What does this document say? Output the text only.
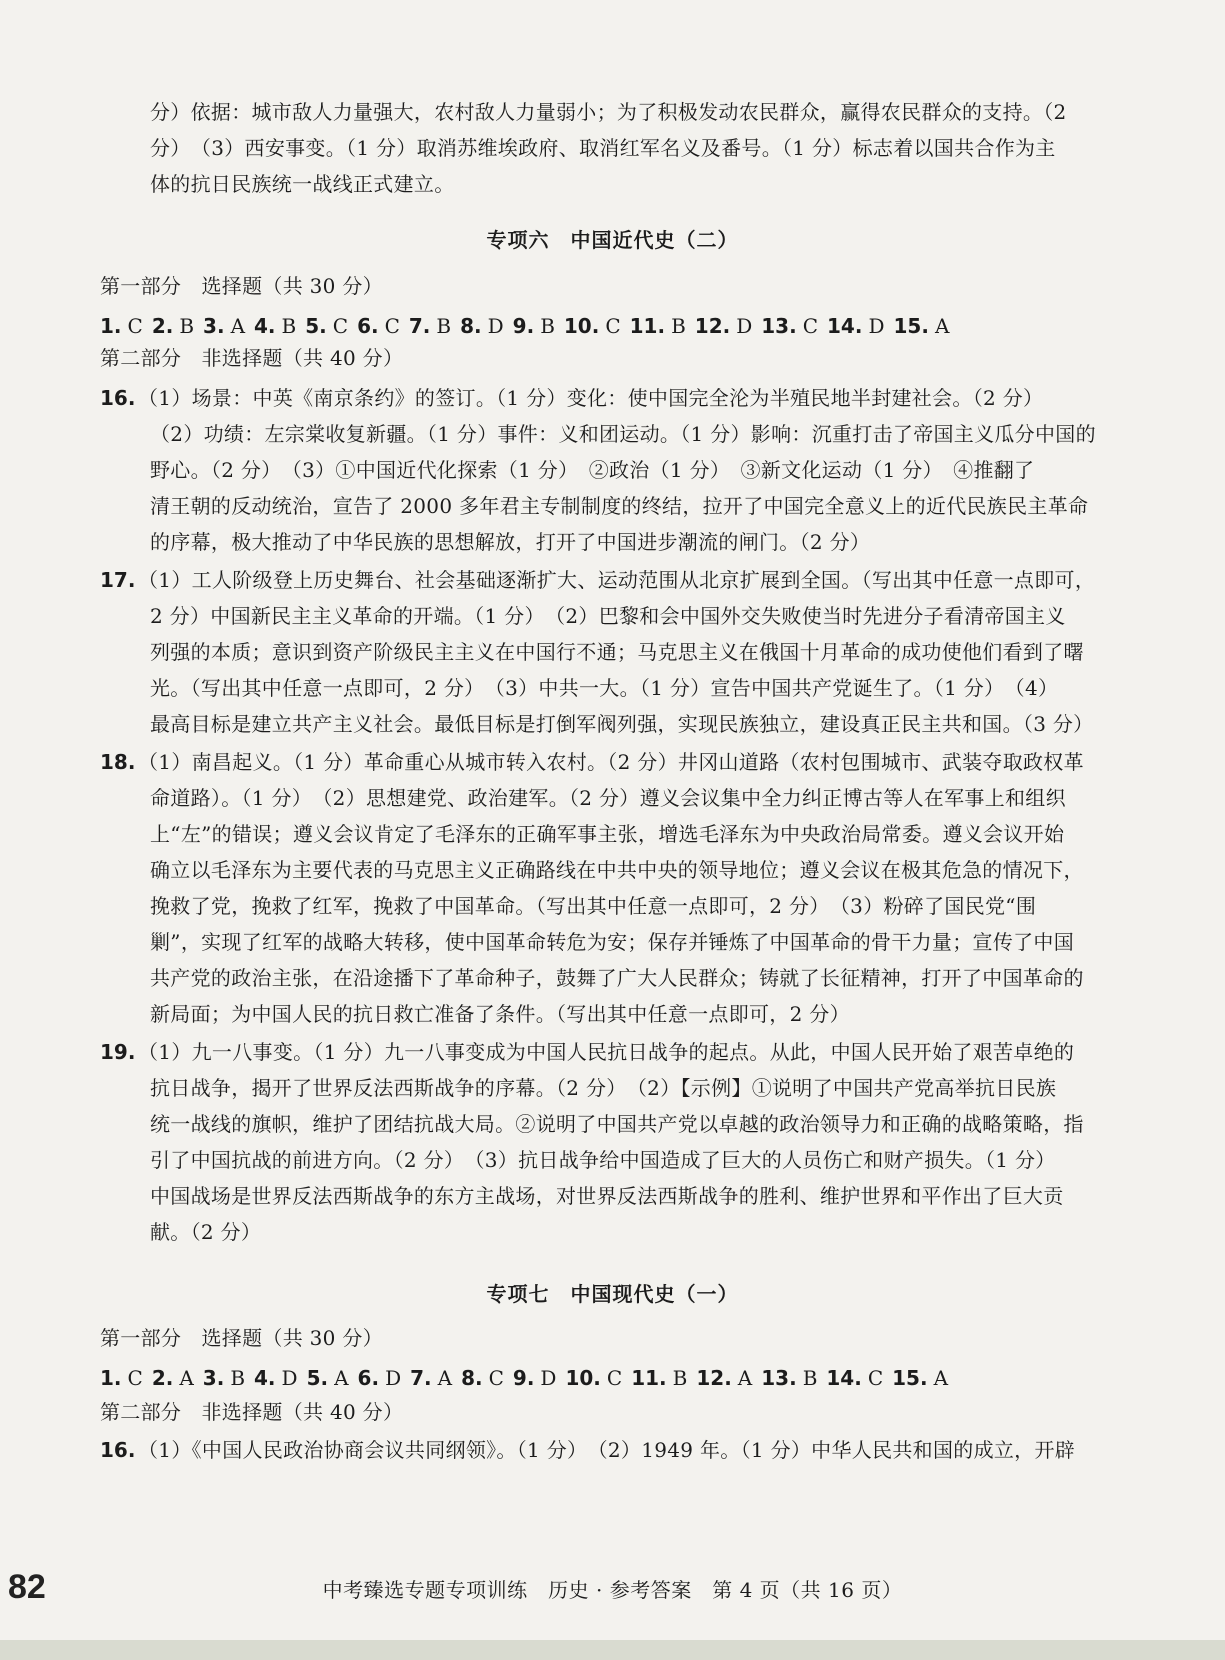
分）依据：城市敌人力量强大，农村敌人力量弱小；为了积极发动农民群众，赢得农民群众的支持。（2
分）　（3）西安事变。（1 分）取消苏维埃政府、取消红军名义及番号。（1 分）标志着以国共合作为主
体的抗日民族统一战线正式建立。
专项六　中国近代史（二）
第一部分　选择题（共 30 分）
1. C 2. B 3. A 4. B 5. C 6. C 7. B 8. D 9. B 10. C 11. B 12. D 13. C 14. D 15. A
第二部分　非选择题（共 40 分）
16. （1）场景：中英《南京条约》的签订。（1 分）变化：使中国完全沦为半殖民地半封建社会。（2 分）
（2）功绩：左宗棠收复新疆。（1 分）事件：义和团运动。（1 分）影响：沉重打击了帝国主义瓜分中国的
野心。（2 分）　（3）①中国近代化探索（1 分）　②政治（1 分）　③新文化运动（1 分）　④推翻了
清王朝的反动统治，宣告了 2000 多年君主专制制度的终结，拉开了中国完全意义上的近代民族民主革命
的序幕，极大推动了中华民族的思想解放，打开了中国进步潮流的闸门。（2 分）
17. （1）工人阶级登上历史舞台、社会基础逐渐扩大、运动范围从北京扩展到全国。（写出其中任意一点即可，
2 分）中国新民主主义革命的开端。（1 分）　（2）巴黎和会中国外交失败使当时先进分子看清帝国主义
列强的本质；意识到资产阶级民主主义在中国行不通；马克思主义在俄国十月革命的成功使他们看到了曙
光。（写出其中任意一点即可，2 分）　（3）中共一大。（1 分）宣告中国共产党诞生了。（1 分）　（4）
最高目标是建立共产主义社会。最低目标是打倒军阀列强，实现民族独立，建设真正民主共和国。（3 分）
18. （1）南昌起义。（1 分）革命重心从城市转入农村。（2 分）井冈山道路（农村包围城市、武装夺取政权革
命道路）。（1 分）　（2）思想建党、政治建军。（2 分）遵义会议集中全力纠正博古等人在军事上和组织
上“左”的错误；遵义会议肯定了毛泽东的正确军事主张，增选毛泽东为中央政治局常委。遵义会议开始
确立以毛泽东为主要代表的马克思主义正确路线在中共中央的领导地位；遵义会议在极其危急的情况下，
挽救了党，挽救了红军，挽救了中国革命。（写出其中任意一点即可，2 分）　（3）粉碎了国民党“围
剿”，实现了红军的战略大转移，使中国革命转危为安；保存并锤炼了中国革命的骨干力量；宣传了中国
共产党的政治主张，在沿途播下了革命种子，鼓舞了广大人民群众；铸就了长征精神，打开了中国革命的
新局面；为中国人民的抗日救亡准备了条件。（写出其中任意一点即可，2 分）
19. （1）九一八事变。（1 分）九一八事变成为中国人民抗日战争的起点。从此，中国人民开始了艰苦卓绝的
抗日战争，揭开了世界反法西斯战争的序幕。（2 分）　（2）【示例】①说明了中国共产党高举抗日民族
统一战线的旗帜，维护了团结抗战大局。②说明了中国共产党以卓越的政治领导力和正确的战略策略，指
引了中国抗战的前进方向。（2 分）　（3）抗日战争给中国造成了巨大的人员伤亡和财产损失。（1 分）
中国战场是世界反法西斯战争的东方主战场，对世界反法西斯战争的胜利、维护世界和平作出了巨大贡
献。（2 分）
专项七　中国现代史（一）
第一部分　选择题（共 30 分）
1. C 2. A 3. B 4. D 5. A 6. D 7. A 8. C 9. D 10. C 11. B 12. A 13. B 14. C 15. A
第二部分　非选择题（共 40 分）
16. （1）《中国人民政治协商会议共同纲领》。（1 分）　（2）1949 年。（1 分）中华人民共和国的成立，开辟
82	中考臻选专题专项训练　历史 · 参考答案　第 4 页（共 16 页）
